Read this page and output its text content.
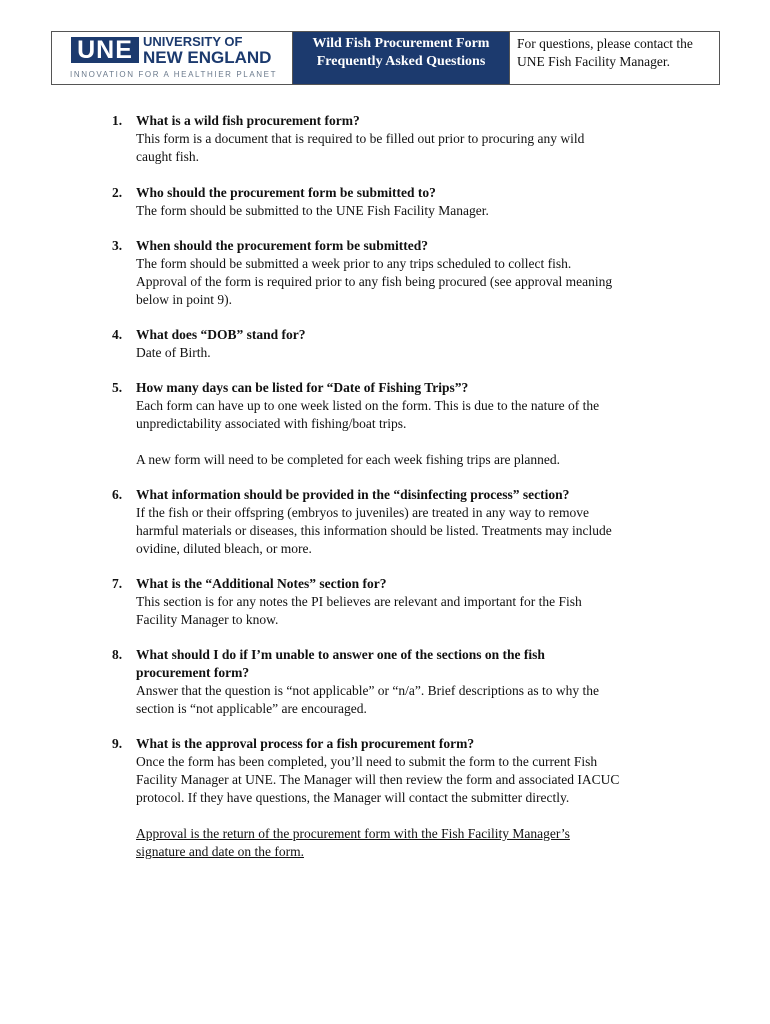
UNE UNIVERSITY OF
NEW ENGLAND
INNOVATION FOR A HEALTHIER PLANET
Wild Fish Procurement Form
Frequently Asked Questions
For questions, please contact the
UNE Fish Facility Manager.
1. What is a wild fish procurement form?
This form is a document that is required to be filled out prior to procuring any wild
caught fish.
2. Who should the procurement form be submitted to?
The form should be submitted to the UNE Fish Facility Manager.
3. When should the procurement form be submitted?
The form should be submitted a week prior to any trips scheduled to collect fish.
Approval of the form is required prior to any fish being procured (see approval meaning
below in point 9).
4. What does “DOB” stand for?
Date of Birth.
5. How many days can be listed for “Date of Fishing Trips”?
Each form can have up to one week listed on the form. This is due to the nature of the
unpredictability associated with fishing/boat trips.
A new form will need to be completed for each week fishing trips are planned.
6. What information should be provided in the “disinfecting process” section?
If the fish or their offspring (embryos to juveniles) are treated in any way to remove
harmful materials or diseases, this information should be listed. Treatments may include
ovidine, diluted bleach, or more.
7. What is the “Additional Notes” section for?
This section is for any notes the PI believes are relevant and important for the Fish
Facility Manager to know.
8. What should I do if I’m unable to answer one of the sections on the fish
procurement form?
Answer that the question is “not applicable” or “n/a”. Brief descriptions as to why the
section is “not applicable” are encouraged.
9. What is the approval process for a fish procurement form?
Once the form has been completed, you’ll need to submit the form to the current Fish
Facility Manager at UNE. The Manager will then review the form and associated IACUC
protocol. If they have questions, the Manager will contact the submitter directly.
Approval is the return of the procurement form with the Fish Facility Manager’s
signature and date on the form.
